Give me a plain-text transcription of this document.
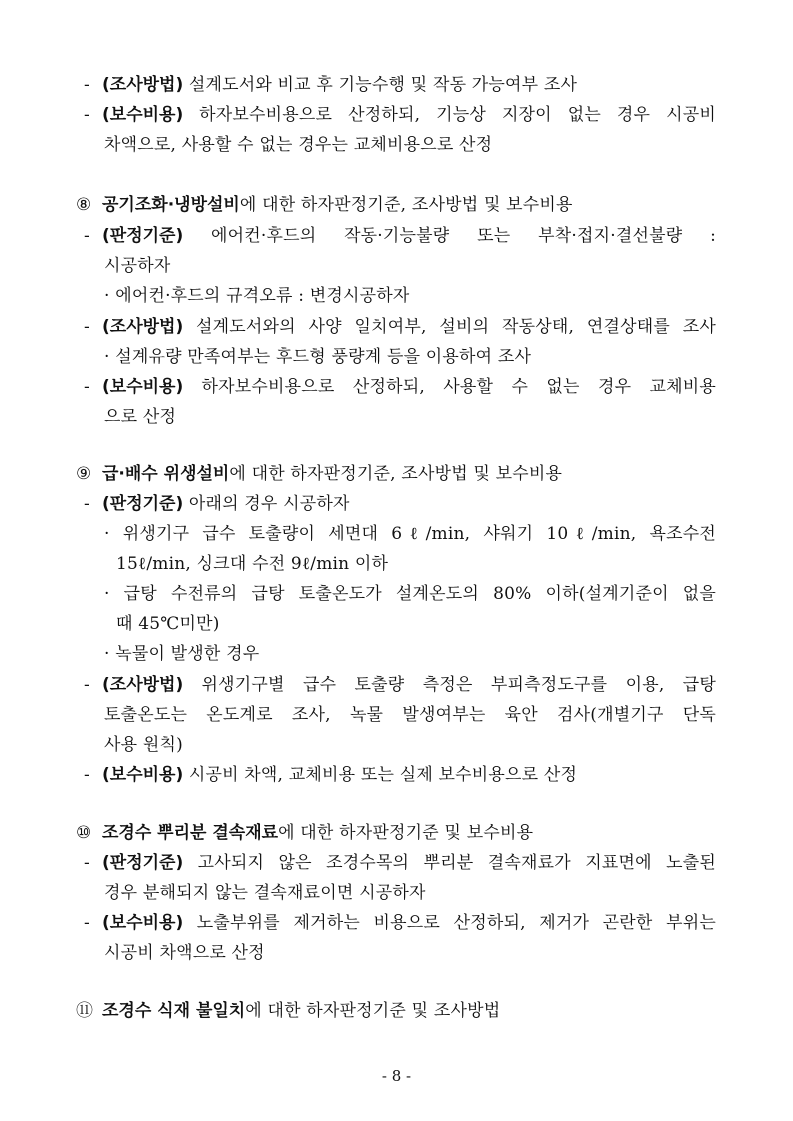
- (조사방법) 설계도서와 비교 후 기능수행 및 작동 가능여부 조사
- (보수비용) 하자보수비용으로 산정하되, 기능상 지장이 없는 경우 시공비
차액으로, 사용할 수 없는 경우는 교체비용으로 산정
⑧ 공기조화·냉방설비에 대한 하자판정기준, 조사방법 및 보수비용
- (판정기준) 에어컨·후드의 작동·기능불량 또는 부착·접지·결선불량 :
시공하자
· 에어컨·후드의 규격오류 : 변경시공하자
- (조사방법) 설계도서와의 사양 일치여부, 설비의 작동상태, 연결상태를 조사
· 설계유량 만족여부는 후드형 풍량계 등을 이용하여 조사
- (보수비용) 하자보수비용으로 산정하되, 사용할 수 없는 경우 교체비용
으로 산정
⑨ 급·배수 위생설비에 대한 하자판정기준, 조사방법 및 보수비용
- (판정기준) 아래의 경우 시공하자
· 위생기구 급수 토출량이 세면대 6ℓ/min, 샤워기 10ℓ/min, 욕조수전
15ℓ/min, 싱크대 수전 9ℓ/min 이하
· 급탕 수전류의 급탕 토출온도가 설계온도의 80% 이하(설계기준이 없을
때 45℃미만)
· 녹물이 발생한 경우
- (조사방법) 위생기구별 급수 토출량 측정은 부피측정도구를 이용, 급탕
토출온도는 온도계로 조사, 녹물 발생여부는 육안 검사(개별기구 단독
사용 원칙)
- (보수비용) 시공비 차액, 교체비용 또는 실제 보수비용으로 산정
⑩ 조경수 뿌리분 결속재료에 대한 하자판정기준 및 보수비용
- (판정기준) 고사되지 않은 조경수목의 뿌리분 결속재료가 지표면에 노출된
경우 분해되지 않는 결속재료이면 시공하자
- (보수비용) 노출부위를 제거하는 비용으로 산정하되, 제거가 곤란한 부위는
시공비 차액으로 산정
⑪ 조경수 식재 불일치에 대한 하자판정기준 및 조사방법
- 8 -
